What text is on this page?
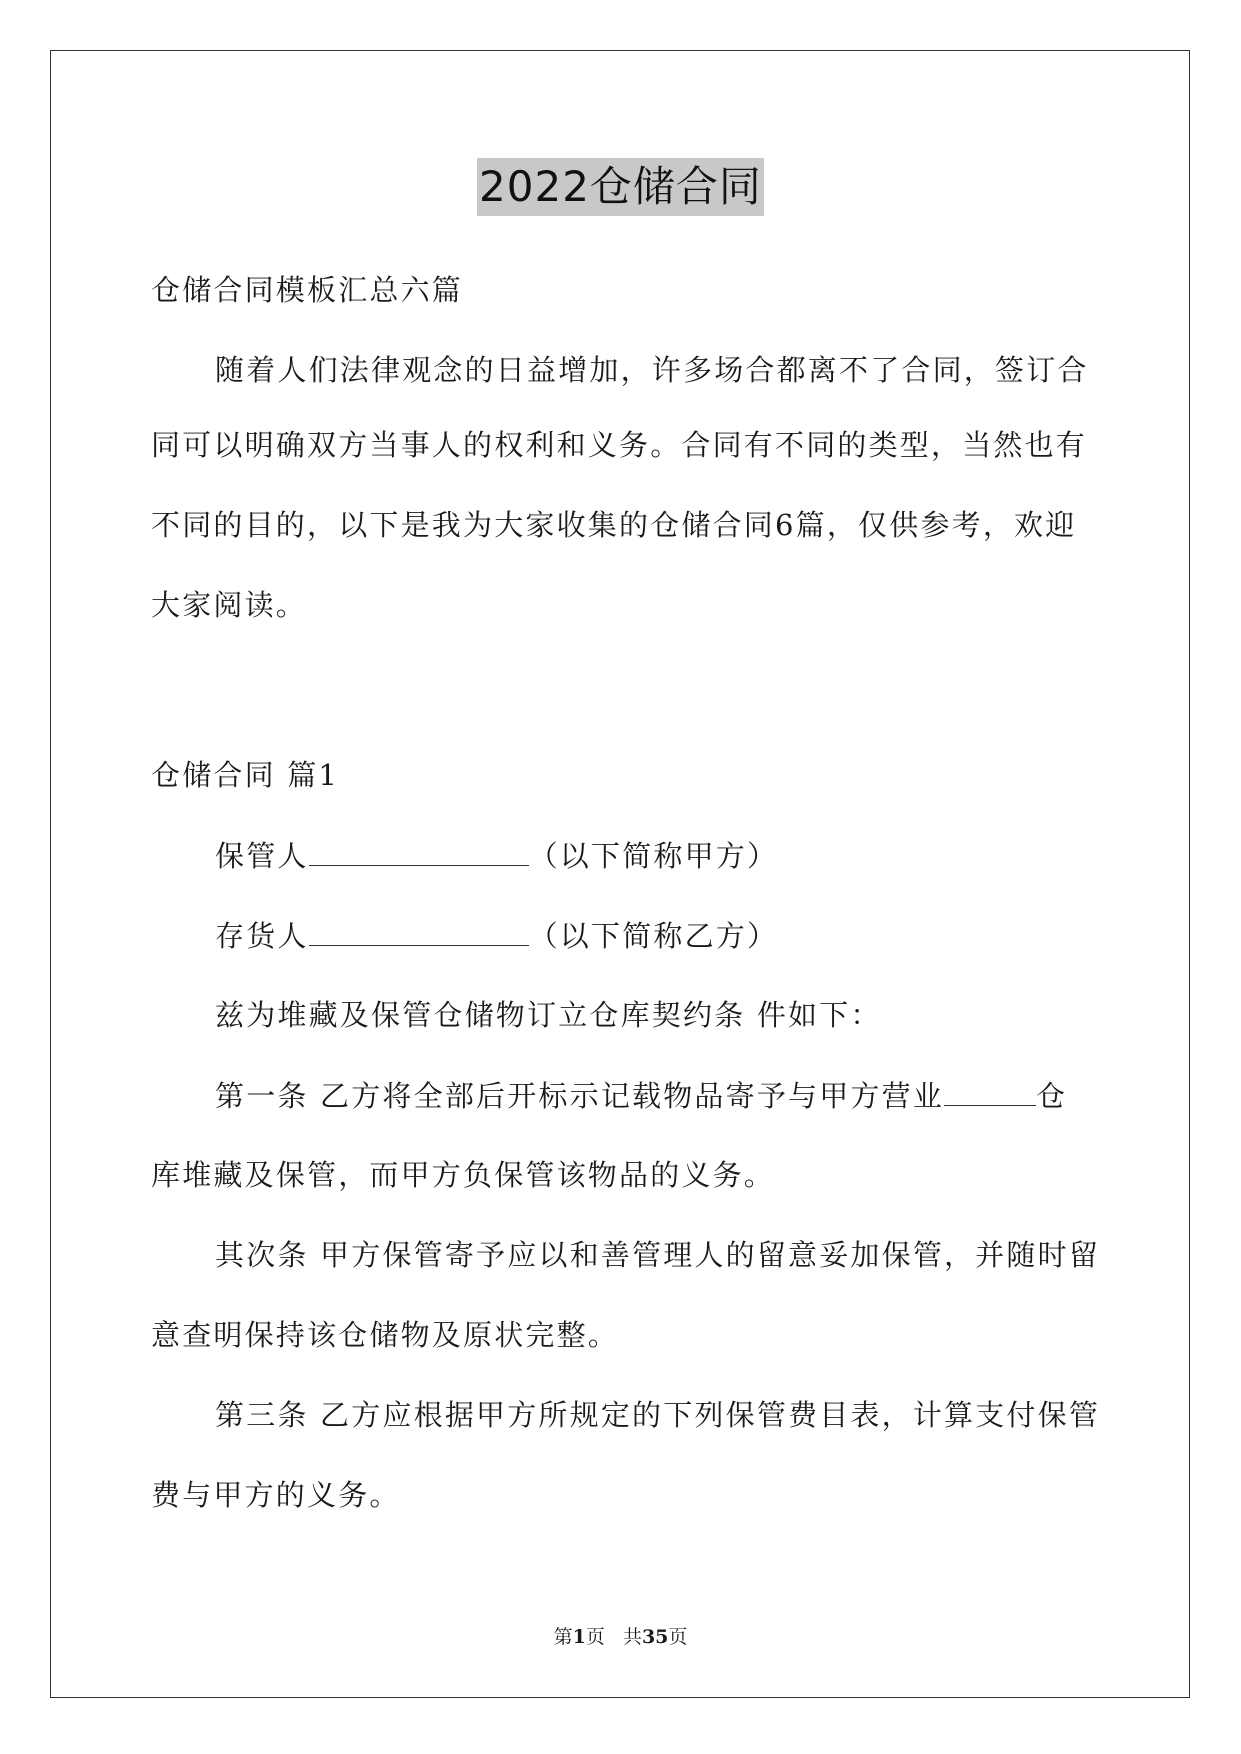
2022仓储合同
仓储合同模板汇总六篇
随着人们法律观念的日益增加，许多场合都离不了合同，签订合
同可以明确双方当事人的权利和义务。合同有不同的类型，当然也有
不同的目的，以下是我为大家收集的仓储合同6篇，仅供参考，欢迎
大家阅读。
仓储合同 篇1
保管人	（以下简称甲方）
存货人	（以下简称乙方）
兹为堆藏及保管仓储物订立仓库契约条 件如下：
第一条 乙方将全部后开标示记载物品寄予与甲方营业	仓
库堆藏及保管，而甲方负保管该物品的义务。
其次条 甲方保管寄予应以和善管理人的留意妥加保管，并随时留
意查明保持该仓储物及原状完整。
第三条 乙方应根据甲方所规定的下列保管费目表，计算支付保管
费与甲方的义务。
第1页   共35页
